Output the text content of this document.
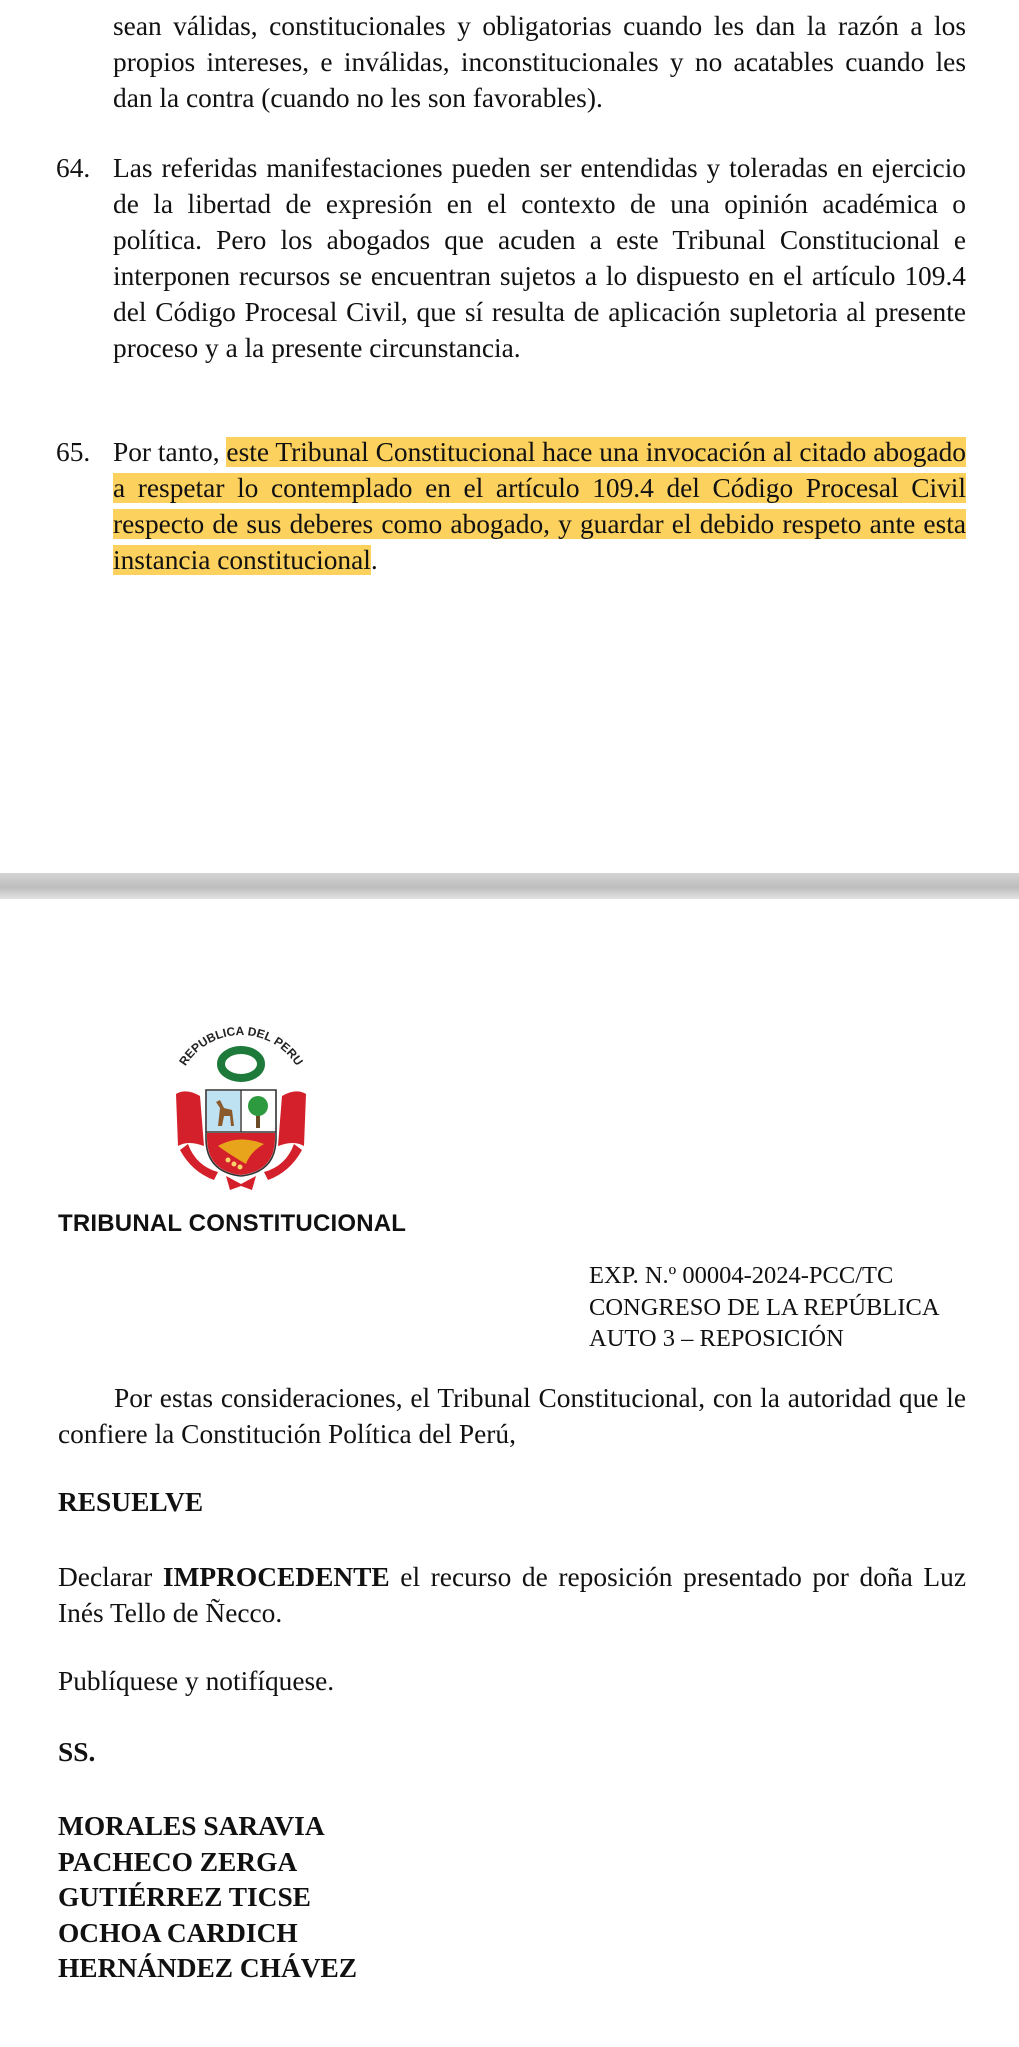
sean válidas, constitucionales y obligatorias cuando les dan la razón a los propios intereses, e inválidas, inconstitucionales y no acatables cuando les dan la contra (cuando no les son favorables).
64. Las referidas manifestaciones pueden ser entendidas y toleradas en ejercicio de la libertad de expresión en el contexto de una opinión académica o política. Pero los abogados que acuden a este Tribunal Constitucional e interponen recursos se encuentran sujetos a lo dispuesto en el artículo 109.4 del Código Procesal Civil, que sí resulta de aplicación supletoria al presente proceso y a la presente circunstancia.
65. Por tanto, este Tribunal Constitucional hace una invocación al citado abogado a respetar lo contemplado en el artículo 109.4 del Código Procesal Civil respecto de sus deberes como abogado, y guardar el debido respeto ante esta instancia constitucional.
REPUBLICA DEL PERU
TRIBUNAL CONSTITUCIONAL
EXP. N.º 00004-2024-PCC/TC
CONGRESO DE LA REPÚBLICA
AUTO 3 – REPOSICIÓN
Por estas consideraciones, el Tribunal Constitucional, con la autoridad que le confiere la Constitución Política del Perú,
RESUELVE
Declarar IMPROCEDENTE el recurso de reposición presentado por doña Luz Inés Tello de Ñecco.
Publíquese y notifíquese.
SS.
MORALES SARAVIA
PACHECO ZERGA
GUTIÉRREZ TICSE
OCHOA CARDICH
HERNÁNDEZ CHÁVEZ
